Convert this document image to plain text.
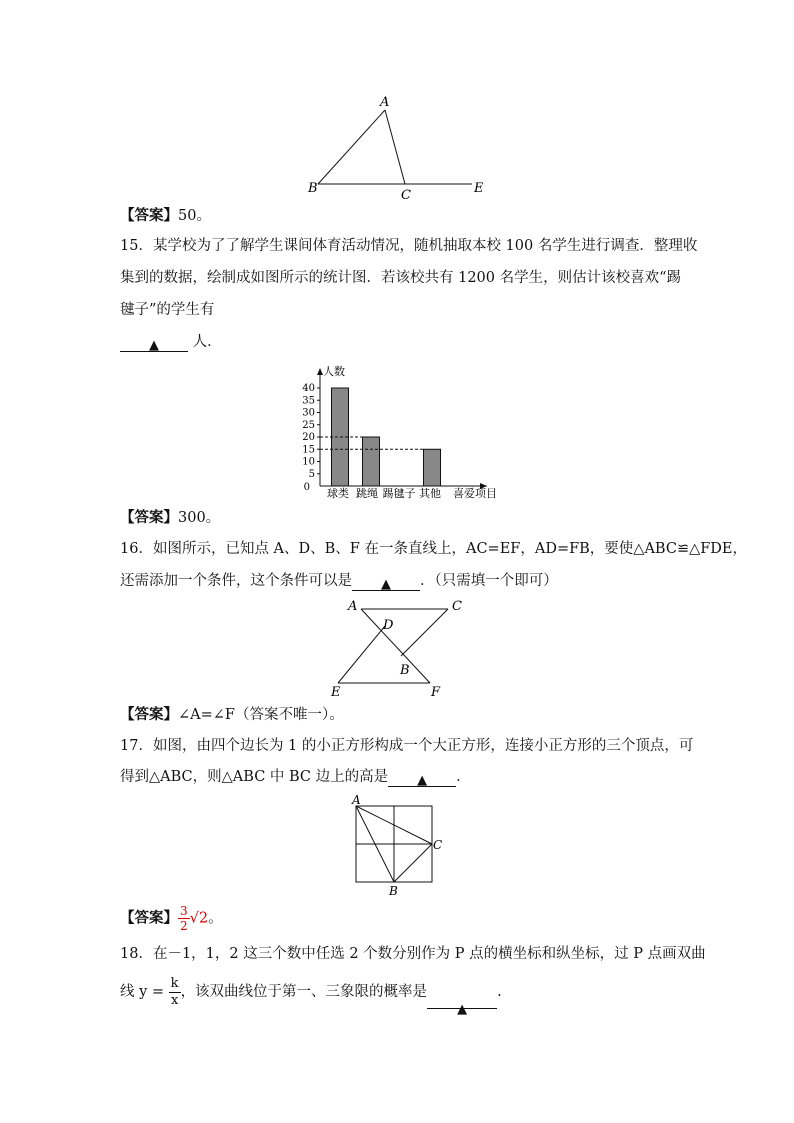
A
B	C	E
【答案】50。
15．某学校为了了解学生课间体育活动情况，随机抽取本校 100 名学生进行调查．整理收
集到的数据，绘制成如图所示的统计图．若该校共有 1200 名学生，则估计该校喜欢“踢
毽子”的学生有
▲ 人．
人数
0
5
10
15
20
25
30
35
40
球类 跳绳 踢毽子 其他 喜爱项目
【答案】300。
16．如图所示，已知点 A、D、B、F 在一条直线上，AC=EF，AD=FB，要使△ABC≌△FDE，
还需添加一个条件，这个条件可以是 ▲ ．（只需填一个即可）
A	C
D
B
E	F
【答案】∠A=∠F（答案不唯一）。
17．如图，由四个边长为 1 的小正方形构成一个大正方形，连接小正方形的三个顶点，可
得到△ABC，则△ABC 中 BC 边上的高是 ▲ ．
A
B
C
【答案】 $\frac{3}{2} √2$。
18．在－1，1，2 这三个数中任选 2 个数分别作为 P 点的横坐标和纵坐标，过 P 点画双曲
线 $y = \frac{k}{x}$ ，该双曲线位于第一、三象限的概率是▲.
